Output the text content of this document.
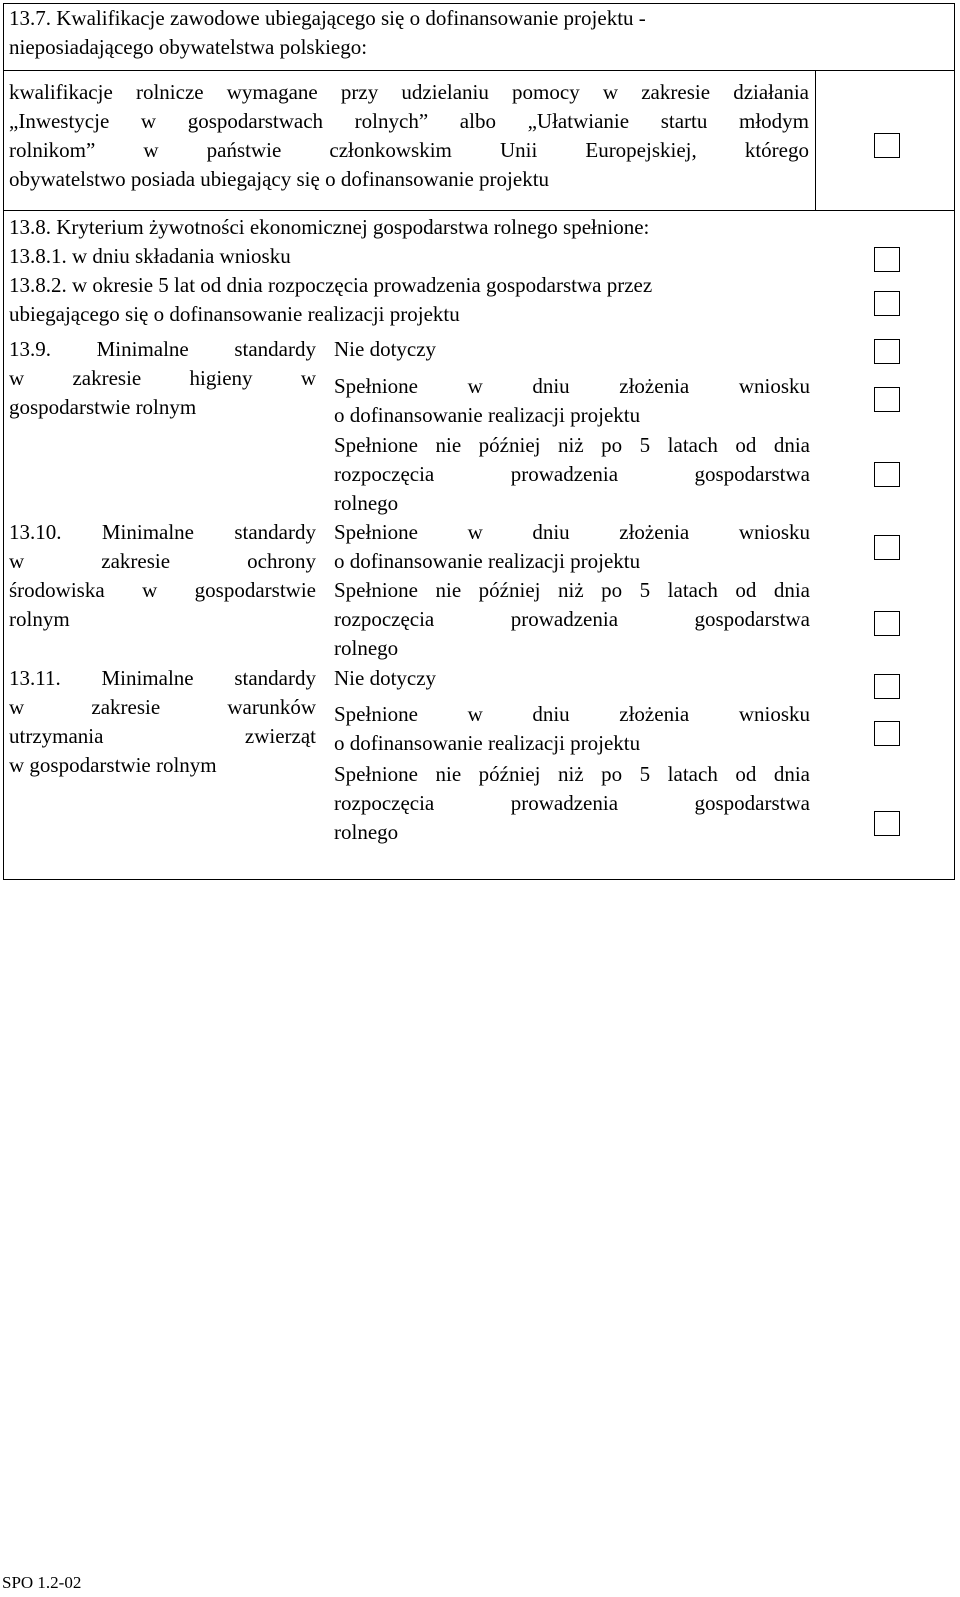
13.7. Kwalifikacje zawodowe ubiegającego się o dofinansowanie projektu -
nieposiadającego obywatelstwa polskiego:
kwalifikacje rolnicze wymagane przy udzielaniu pomocy w zakresie działania
„Inwestycje w gospodarstwach rolnych” albo „Ułatwianie startu młodym
rolnikom” w państwie członkowskim Unii Europejskiej, którego
obywatelstwo posiada ubiegający się o dofinansowanie projektu
13.8. Kryterium żywotności ekonomicznej gospodarstwa rolnego spełnione:
13.8.1. w dniu składania wniosku
13.8.2. w okresie 5 lat od dnia rozpoczęcia prowadzenia gospodarstwa przez
ubiegającego się o dofinansowanie realizacji projektu
13.9. Minimalne standardy
w zakresie higieny w
gospodarstwie rolnym
Nie dotyczy
Spełnione w dniu złożenia wniosku
o dofinansowanie realizacji projektu
Spełnione nie później niż po 5 latach od dnia
rozpoczęcia prowadzenia gospodarstwa
rolnego
13.10. Minimalne standardy
w zakresie ochrony
środowiska w gospodarstwie
rolnym
Spełnione w dniu złożenia wniosku
o dofinansowanie realizacji projektu
Spełnione nie później niż po 5 latach od dnia
rozpoczęcia prowadzenia gospodarstwa
rolnego
13.11. Minimalne standardy
w zakresie warunków
utrzymania zwierząt
w gospodarstwie rolnym
Nie dotyczy
Spełnione w dniu złożenia wniosku
o dofinansowanie realizacji projektu
Spełnione nie później niż po 5 latach od dnia
rozpoczęcia prowadzenia gospodarstwa
rolnego
SPO 1.2-02
